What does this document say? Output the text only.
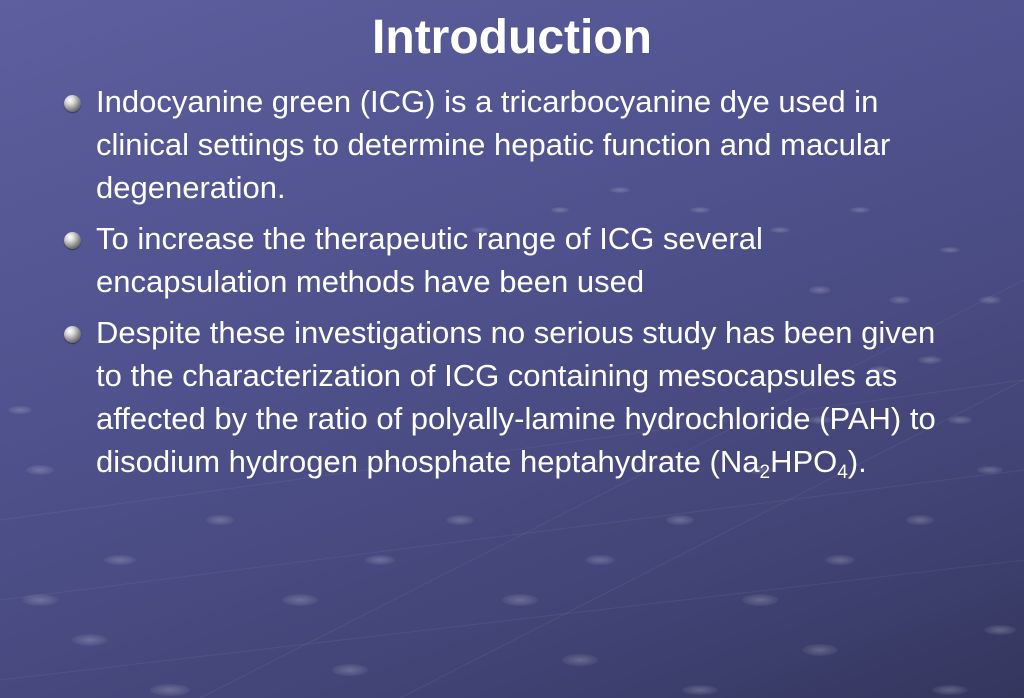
Introduction
Indocyanine green (ICG) is a tricarbocyanine dye used in clinical settings to determine hepatic function and macular degeneration.
To increase the therapeutic range of ICG several encapsulation methods have been used
Despite these investigations no serious study has been given to the characterization of ICG containing mesocapsules as affected by the ratio of polyally-lamine hydrochloride (PAH) to disodium hydrogen phosphate heptahydrate $(Na_2HPO_4)$.
